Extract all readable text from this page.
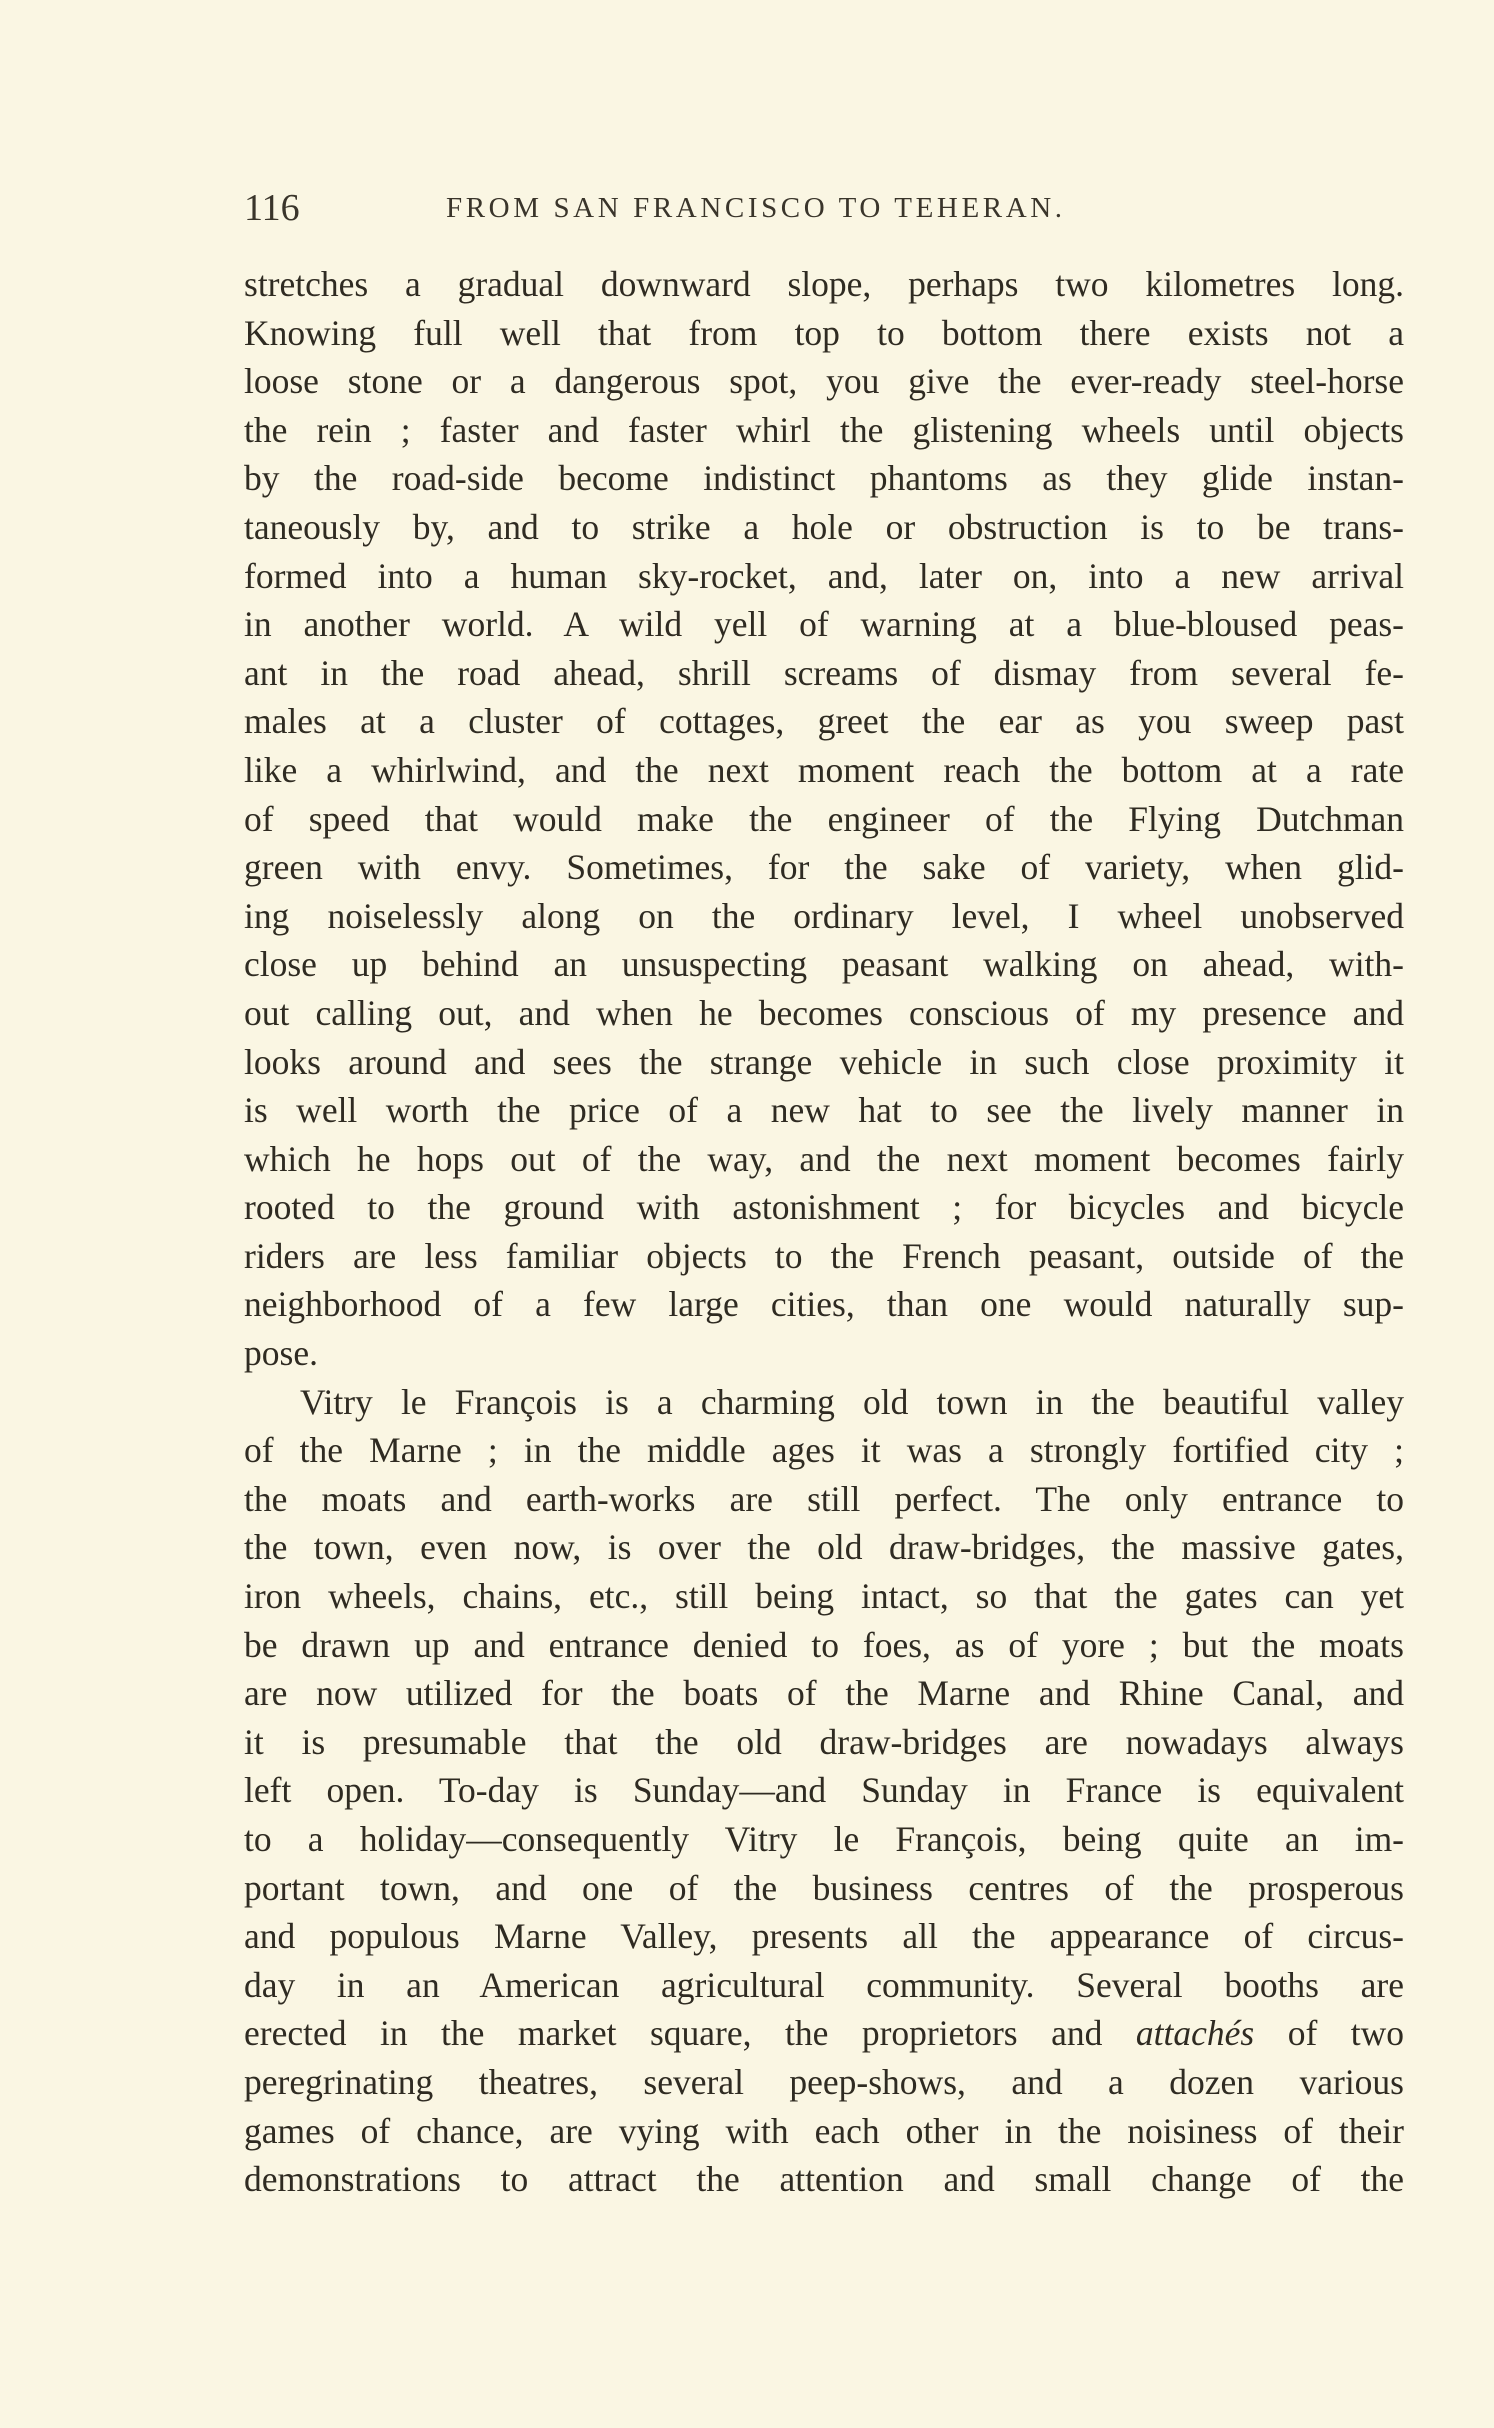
116	FROM SAN FRANCISCO TO TEHERAN.
stretches a gradual downward slope, perhaps two kilometres long.
Knowing full well that from top to bottom there exists not a
loose stone or a dangerous spot, you give the ever-ready steel-horse
the rein ; faster and faster whirl the glistening wheels until objects
by the road-side become indistinct phantoms as they glide instan-
taneously by, and to strike a hole or obstruction is to be trans-
formed into a human sky-rocket, and, later on, into a new arrival
in another world. A wild yell of warning at a blue-bloused peas-
ant in the road ahead, shrill screams of dismay from several fe-
males at a cluster of cottages, greet the ear as you sweep past
like a whirlwind, and the next moment reach the bottom at a rate
of speed that would make the engineer of the Flying Dutchman
green with envy. Sometimes, for the sake of variety, when glid-
ing noiselessly along on the ordinary level, I wheel unobserved
close up behind an unsuspecting peasant walking on ahead, with-
out calling out, and when he becomes conscious of my presence and
looks around and sees the strange vehicle in such close proximity it
is well worth the price of a new hat to see the lively manner in
which he hops out of the way, and the next moment becomes fairly
rooted to the ground with astonishment ; for bicycles and bicycle
riders are less familiar objects to the French peasant, outside of the
neighborhood of a few large cities, than one would naturally sup-
pose.
Vitry le François is a charming old town in the beautiful valley
of the Marne ; in the middle ages it was a strongly fortified city ;
the moats and earth-works are still perfect. The only entrance to
the town, even now, is over the old draw-bridges, the massive gates,
iron wheels, chains, etc., still being intact, so that the gates can yet
be drawn up and entrance denied to foes, as of yore ; but the moats
are now utilized for the boats of the Marne and Rhine Canal, and
it is presumable that the old draw-bridges are nowadays always
left open. To-day is Sunday—and Sunday in France is equivalent
to a holiday—consequently Vitry le François, being quite an im-
portant town, and one of the business centres of the prosperous
and populous Marne Valley, presents all the appearance of circus-
day in an American agricultural community. Several booths are
erected in the market square, the proprietors and attachés of two
peregrinating theatres, several peep-shows, and a dozen various
games of chance, are vying with each other in the noisiness of their
demonstrations to attract the attention and small change of the
